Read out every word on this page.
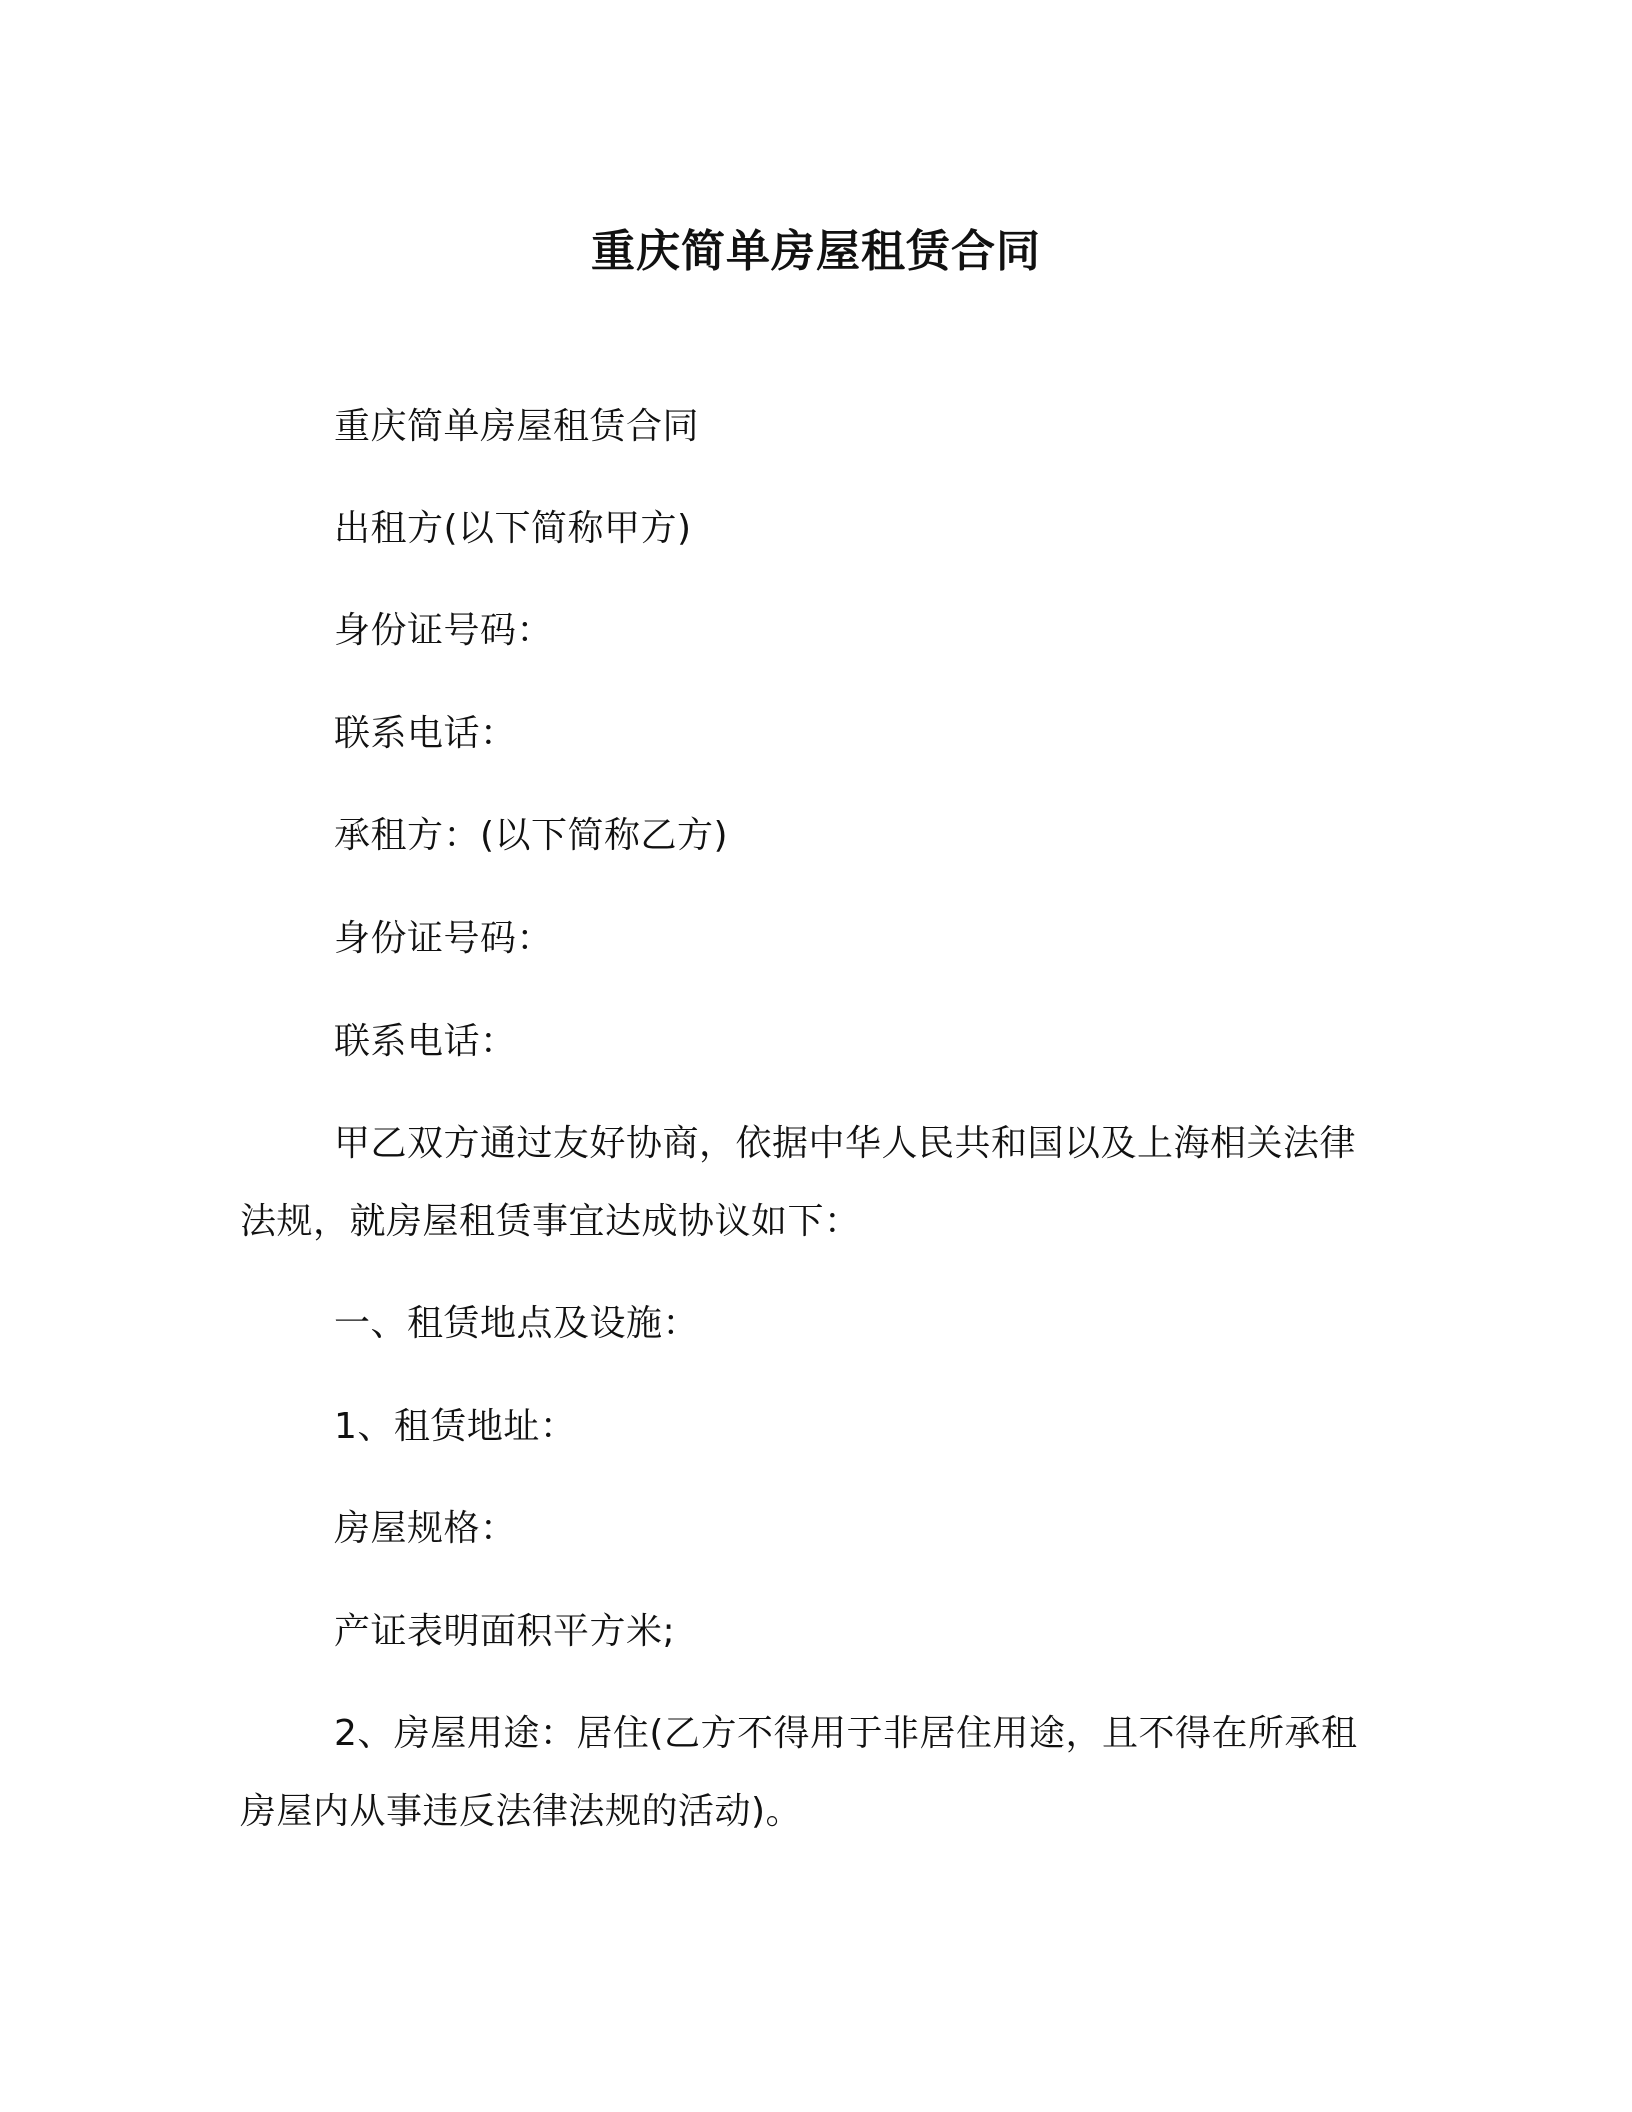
重庆简单房屋租赁合同

重庆简单房屋租赁合同

出租方(以下简称甲方)

身份证号码：

联系电话：

承租方：(以下简称乙方)

身份证号码：

联系电话：

甲乙双方通过友好协商，依据中华人民共和国以及上海相关法律法规，就房屋租赁事宜达成协议如下：

一、租赁地点及设施：

1、租赁地址：

房屋规格：

产证表明面积平方米;

2、房屋用途：居住(乙方不得用于非居住用途，且不得在所承租房屋内从事违反法律法规的活动)。
